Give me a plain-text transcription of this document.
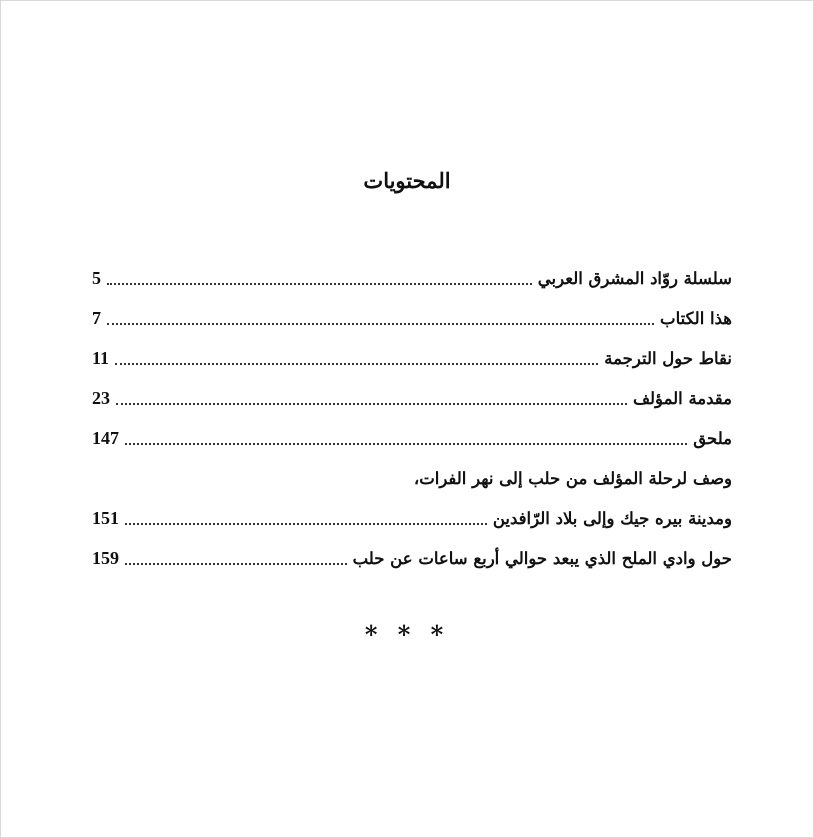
المحتويات
سلسلة روّاد المشرق العربي
5
هذا الكتاب
7
نقاط حول الترجمة
11
مقدمة المؤلف
23
ملحق
147
وصف لرحلة المؤلف من حلب إلى نهر الفرات،
ومدينة بيره جيك وإلى بلاد الرّافدين
151
حول وادي الملح الذي يبعد حوالي أربع ساعات عن حلب
159
* * *
